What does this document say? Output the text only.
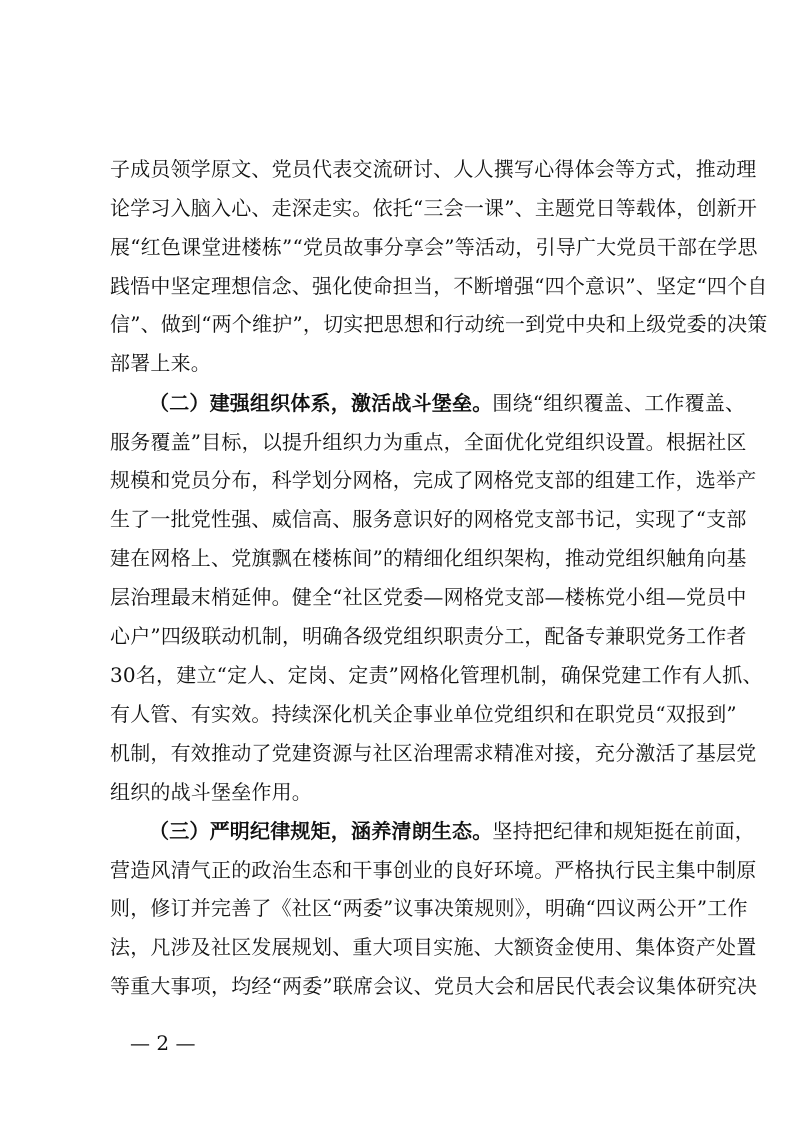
子成员领学原文、党员代表交流研讨、人人撰写心得体会等方式，推动理
论学习入脑入心、走深走实。依托“三会一课”、主题党日等载体，创新开
展“红色课堂进楼栋”“党员故事分享会”等活动，引导广大党员干部在学思
践悟中坚定理想信念、强化使命担当，不断增强“四个意识”、坚定“四个自
信”、做到“两个维护”，切实把思想和行动统一到党中央和上级党委的决策
部署上来。
（二）建强组织体系，激活战斗堡垒。围绕“组织覆盖、工作覆盖、
服务覆盖”目标，以提升组织力为重点，全面优化党组织设置。根据社区
规模和党员分布，科学划分网格，完成了网格党支部的组建工作，选举产
生了一批党性强、威信高、服务意识好的网格党支部书记，实现了“支部
建在网格上、党旗飘在楼栋间”的精细化组织架构，推动党组织触角向基
层治理最末梢延伸。健全“社区党委—网格党支部—楼栋党小组—党员中
心户”四级联动机制，明确各级党组织职责分工，配备专兼职党务工作者
30名，建立“定人、定岗、定责”网格化管理机制，确保党建工作有人抓、
有人管、有实效。持续深化机关企事业单位党组织和在职党员“双报到”
机制，有效推动了党建资源与社区治理需求精准对接，充分激活了基层党
组织的战斗堡垒作用。
（三）严明纪律规矩，涵养清朗生态。坚持把纪律和规矩挺在前面，
营造风清气正的政治生态和干事创业的良好环境。严格执行民主集中制原
则，修订并完善了《社区“两委”议事决策规则》，明确“四议两公开”工作
法，凡涉及社区发展规划、重大项目实施、大额资金使用、集体资产处置
等重大事项，均经“两委”联席会议、党员大会和居民代表会议集体研究决
— 2 —
